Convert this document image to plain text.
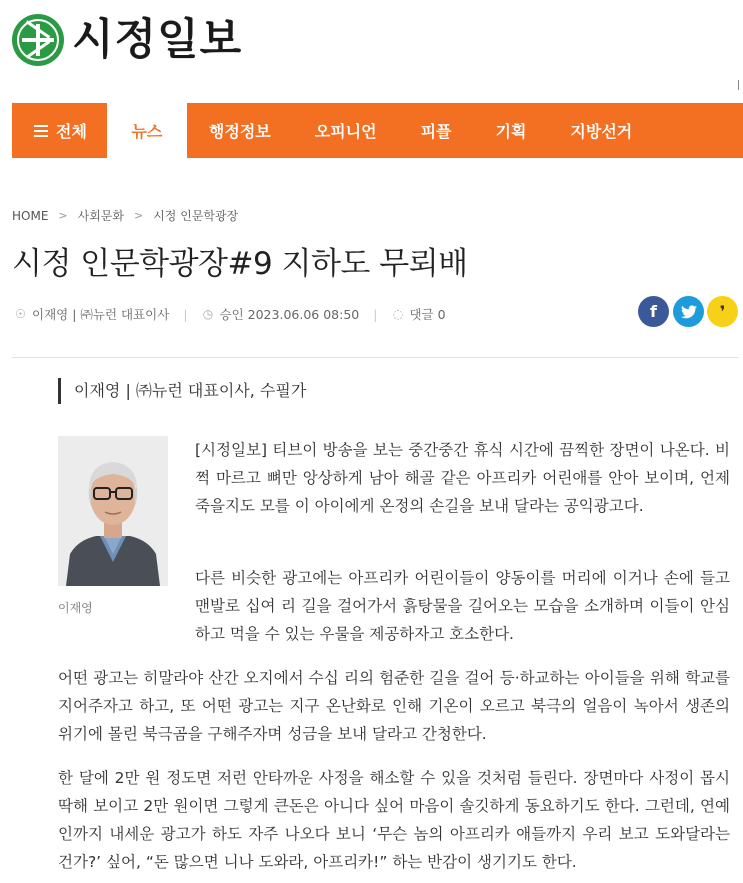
시정일보
전체	뉴스	행정정보	오피니언	피플	기획	지방선거
HOME > 사회문화 > 시정 인문학광장
시정 인문학광장#9 지하도 무뢰배
☉ 이재영 | ㈜뉴런 대표이사 | ◷ 승인 2023.06.06 08:50 | ◌ 댓글 0	f	❜
이재영 | ㈜뉴런 대표이사, 수필가
이재영

[시정일보] 티브이 방송을 보는 중간중간 휴식 시간에 끔찍한 장면이 나온다. 비쩍 마르고 뼈만 앙상하게 남아 해골 같은 아프리카 어린애를 안아 보이며, 언제 죽을지도 모를 이 아이에게 온정의 손길을 보내 달라는 공익광고다.

다른 비슷한 광고에는 아프리카 어린이들이 양동이를 머리에 이거나 손에 들고 맨발로 십여 리 길을 걸어가서 흙탕물을 길어오는 모습을 소개하며 이들이 안심하고 먹을 수 있는 우물을 제공하자고 호소한다.

어떤 광고는 히말라야 산간 오지에서 수십 리의 험준한 길을 걸어 등·하교하는 아이들을 위해 학교를 지어주자고 하고, 또 어떤 광고는 지구 온난화로 인해 기온이 오르고 북극의 얼음이 녹아서 생존의 위기에 몰린 북극곰을 구해주자며 성금을 보내 달라고 간청한다.

한 달에 2만 원 정도면 저런 안타까운 사정을 해소할 수 있을 것처럼 들린다. 장면마다 사정이 몹시 딱해 보이고 2만 원이면 그렇게 큰돈은 아니다 싶어 마음이 솔깃하게 동요하기도 한다. 그런데, 연예인까지 내세운 광고가 하도 자주 나오다 보니 ‘무슨 놈의 아프리카 애들까지 우리 보고 도와달라는 건가?’ 싶어, “돈 많으면 니나 도와라, 아프리카!” 하는 반감이 생기기도 한다.
